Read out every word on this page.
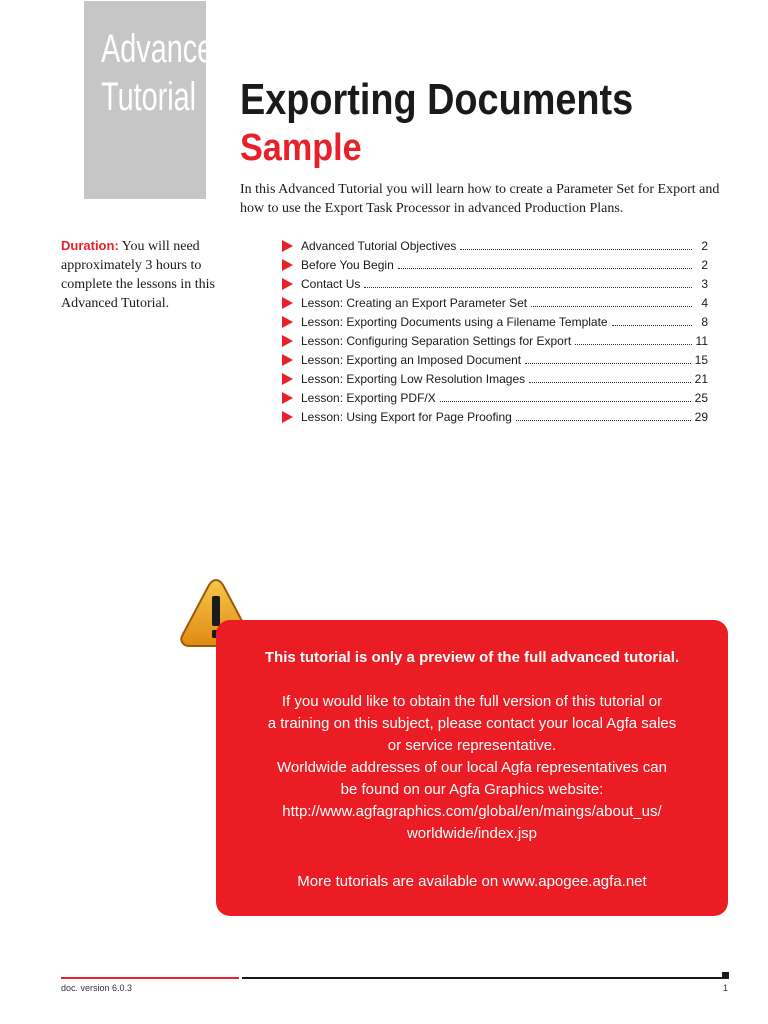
Advanced
Tutorial Exporting Documents
Sample
In this Advanced Tutorial you will learn how to create a Parameter Set for Export and how to use the Export Task Processor in advanced Production Plans.
Duration: You will need approximately 3 hours to complete the lessons in this Advanced Tutorial.
Advanced Tutorial Objectives	2
Before You Begin	2
Contact Us	3
Lesson: Creating an Export Parameter Set	4
Lesson: Exporting Documents using a Filename Template	8
Lesson: Configuring Separation Settings for Export	11
Lesson: Exporting an Imposed Document	15
Lesson: Exporting Low Resolution Images	21
Lesson: Exporting PDF/X	25
Lesson: Using Export for Page Proofing	29
This tutorial is only a preview of the full advanced tutorial.
If you would like to obtain the full version of this tutorial or
a training on this subject, please contact your local Agfa sales
or service representative.
Worldwide addresses of our local Agfa representatives can
be found on our Agfa Graphics website:
http://www.agfagraphics.com/global/en/maings/about_us/
worldwide/index.jsp
More tutorials are available on www.apogee.agfa.net
doc. version 6.0.3	1
